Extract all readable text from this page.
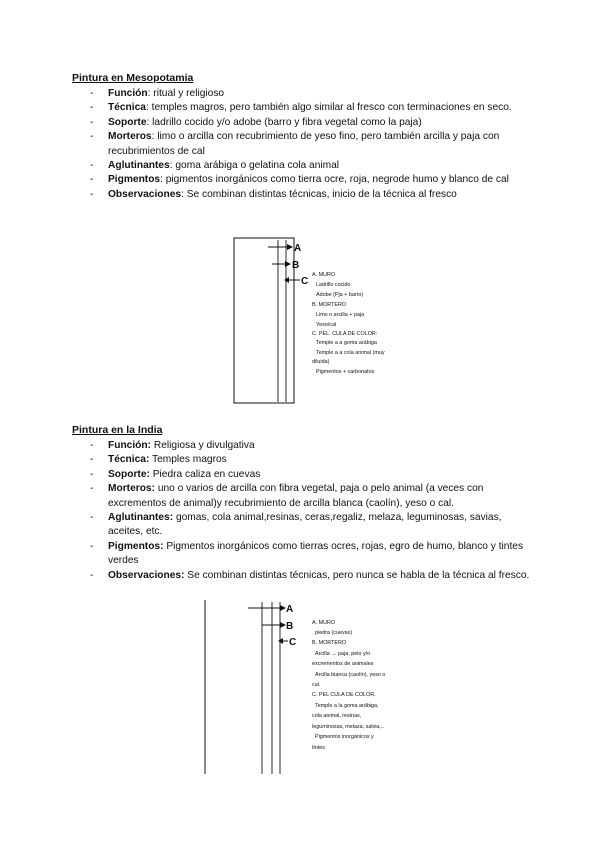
Pintura en Mesopotamia

- Función: ritual y religioso
- Técnica: temples magros, pero también algo similar al fresco con terminaciones en seco.
- Soporte: ladrillo cocido y/o adobe (barro y fibra vegetal como la paja)
- Morteros: limo o arcilla con recubrimiento de yeso fino, pero también arcilla y paja con recubrimientos de cal
- Aglutinantes: goma arábiga o gelatina cola animal
- Pigmentos: pigmentos inorgánicos como tierra ocre, roja, negrode humo y blanco de cal
- Observaciones: Se combinan distintas técnicas, inicio de la técnica al fresco
A
B
C
A. MURO
Ladrillo cocido
Adobe (Pja + barro)
B. MORTERO
Limo o arcilla + paja
Yeso/cal
C. PEL. CULA DE COLOR:
Temple a a goma arábiga
Temple a a cola animal (muy
diluida)
Pigmentos + carbonatos

Pintura en la India

- Función: Religiosa y divulgativa
- Técnica: Temples magros
- Soporte: Piedra caliza en cuevas
- Morteros: uno o varios de arcilla con fibra vegetal, paja o pelo animal (a veces con excrementos de animal)y recubrimiento de arcilla blanca (caolín), yeso o cal.
- Aglutinantes: gomas, cola animal,resinas, ceras,regaliz, melaza, leguminosas, savias, aceites, etc.
- Pigmentos: Pigmentos inorgánicos como tierras ocres, rojas, egro de humo, blanco y tintes verdes
- Observaciones: Se combinan distintas técnicas, pero nunca se habla de la técnica al fresco.
A
B
C
A. MURO
piedra (cuevas)
B. MORTERO
Arcilla → paja, pelo y/o
excrementos de animales
Arcilla blanca (caolín), yeso o
cal.
C. PEL CULA DE COLOR.
Temple a la goma arábiga,
cola animal, resinas,
leguminosas, melaza, salvia,..
Pigmentos inorgánicos y
tintes
